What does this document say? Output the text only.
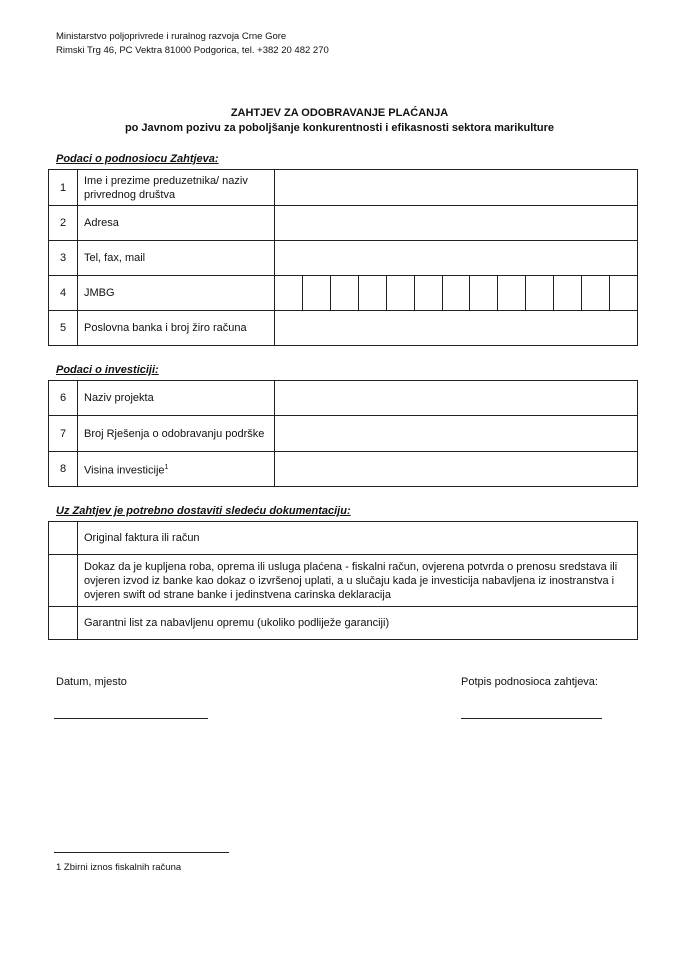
Ministarstvo poljoprivrede i ruralnog razvoja Crne Gore
Rimski Trg 46, PC Vektra 81000 Podgorica, tel. +382 20 482 270
ZAHTJEV ZA ODOBRAVANJE PLAĆANJA
po Javnom pozivu za poboljšanje konkurentnosti i efikasnosti sektora marikulture
Podaci o podnosiocu Zahtjeva:
1	Ime i prezime preduzetnika/ naziv privrednog društva	
2	Adresa	
3	Tel, fax, mail	
4	JMBG	

5	Poslovna banka i broj žiro računa	
Podaci o investiciji:
6	Naziv projekta	
7	Broj Rješenja o odobravanju podrške	
8	Visina investicije$^1$	
Uz Zahtjev je potrebno dostaviti sledeću dokumentaciju:
	Original faktura ili račun
	Dokaz da je kupljena roba, oprema ili usluga plaćena - fiskalni račun, ovjerena potvrda o prenosu sredstava ili ovjeren izvod iz banke kao dokaz o izvršenoj uplati, a u slučaju kada je investicija nabavljena iz inostranstva i ovjeren swift od strane banke i jedinstvena carinska deklaracija
	Garantni list za nabavljenu opremu (ukoliko podliježe garanciji)
Datum, mjesto	Potpis podnosioca zahtjeva:
1 Zbirni iznos fiskalnih računa
